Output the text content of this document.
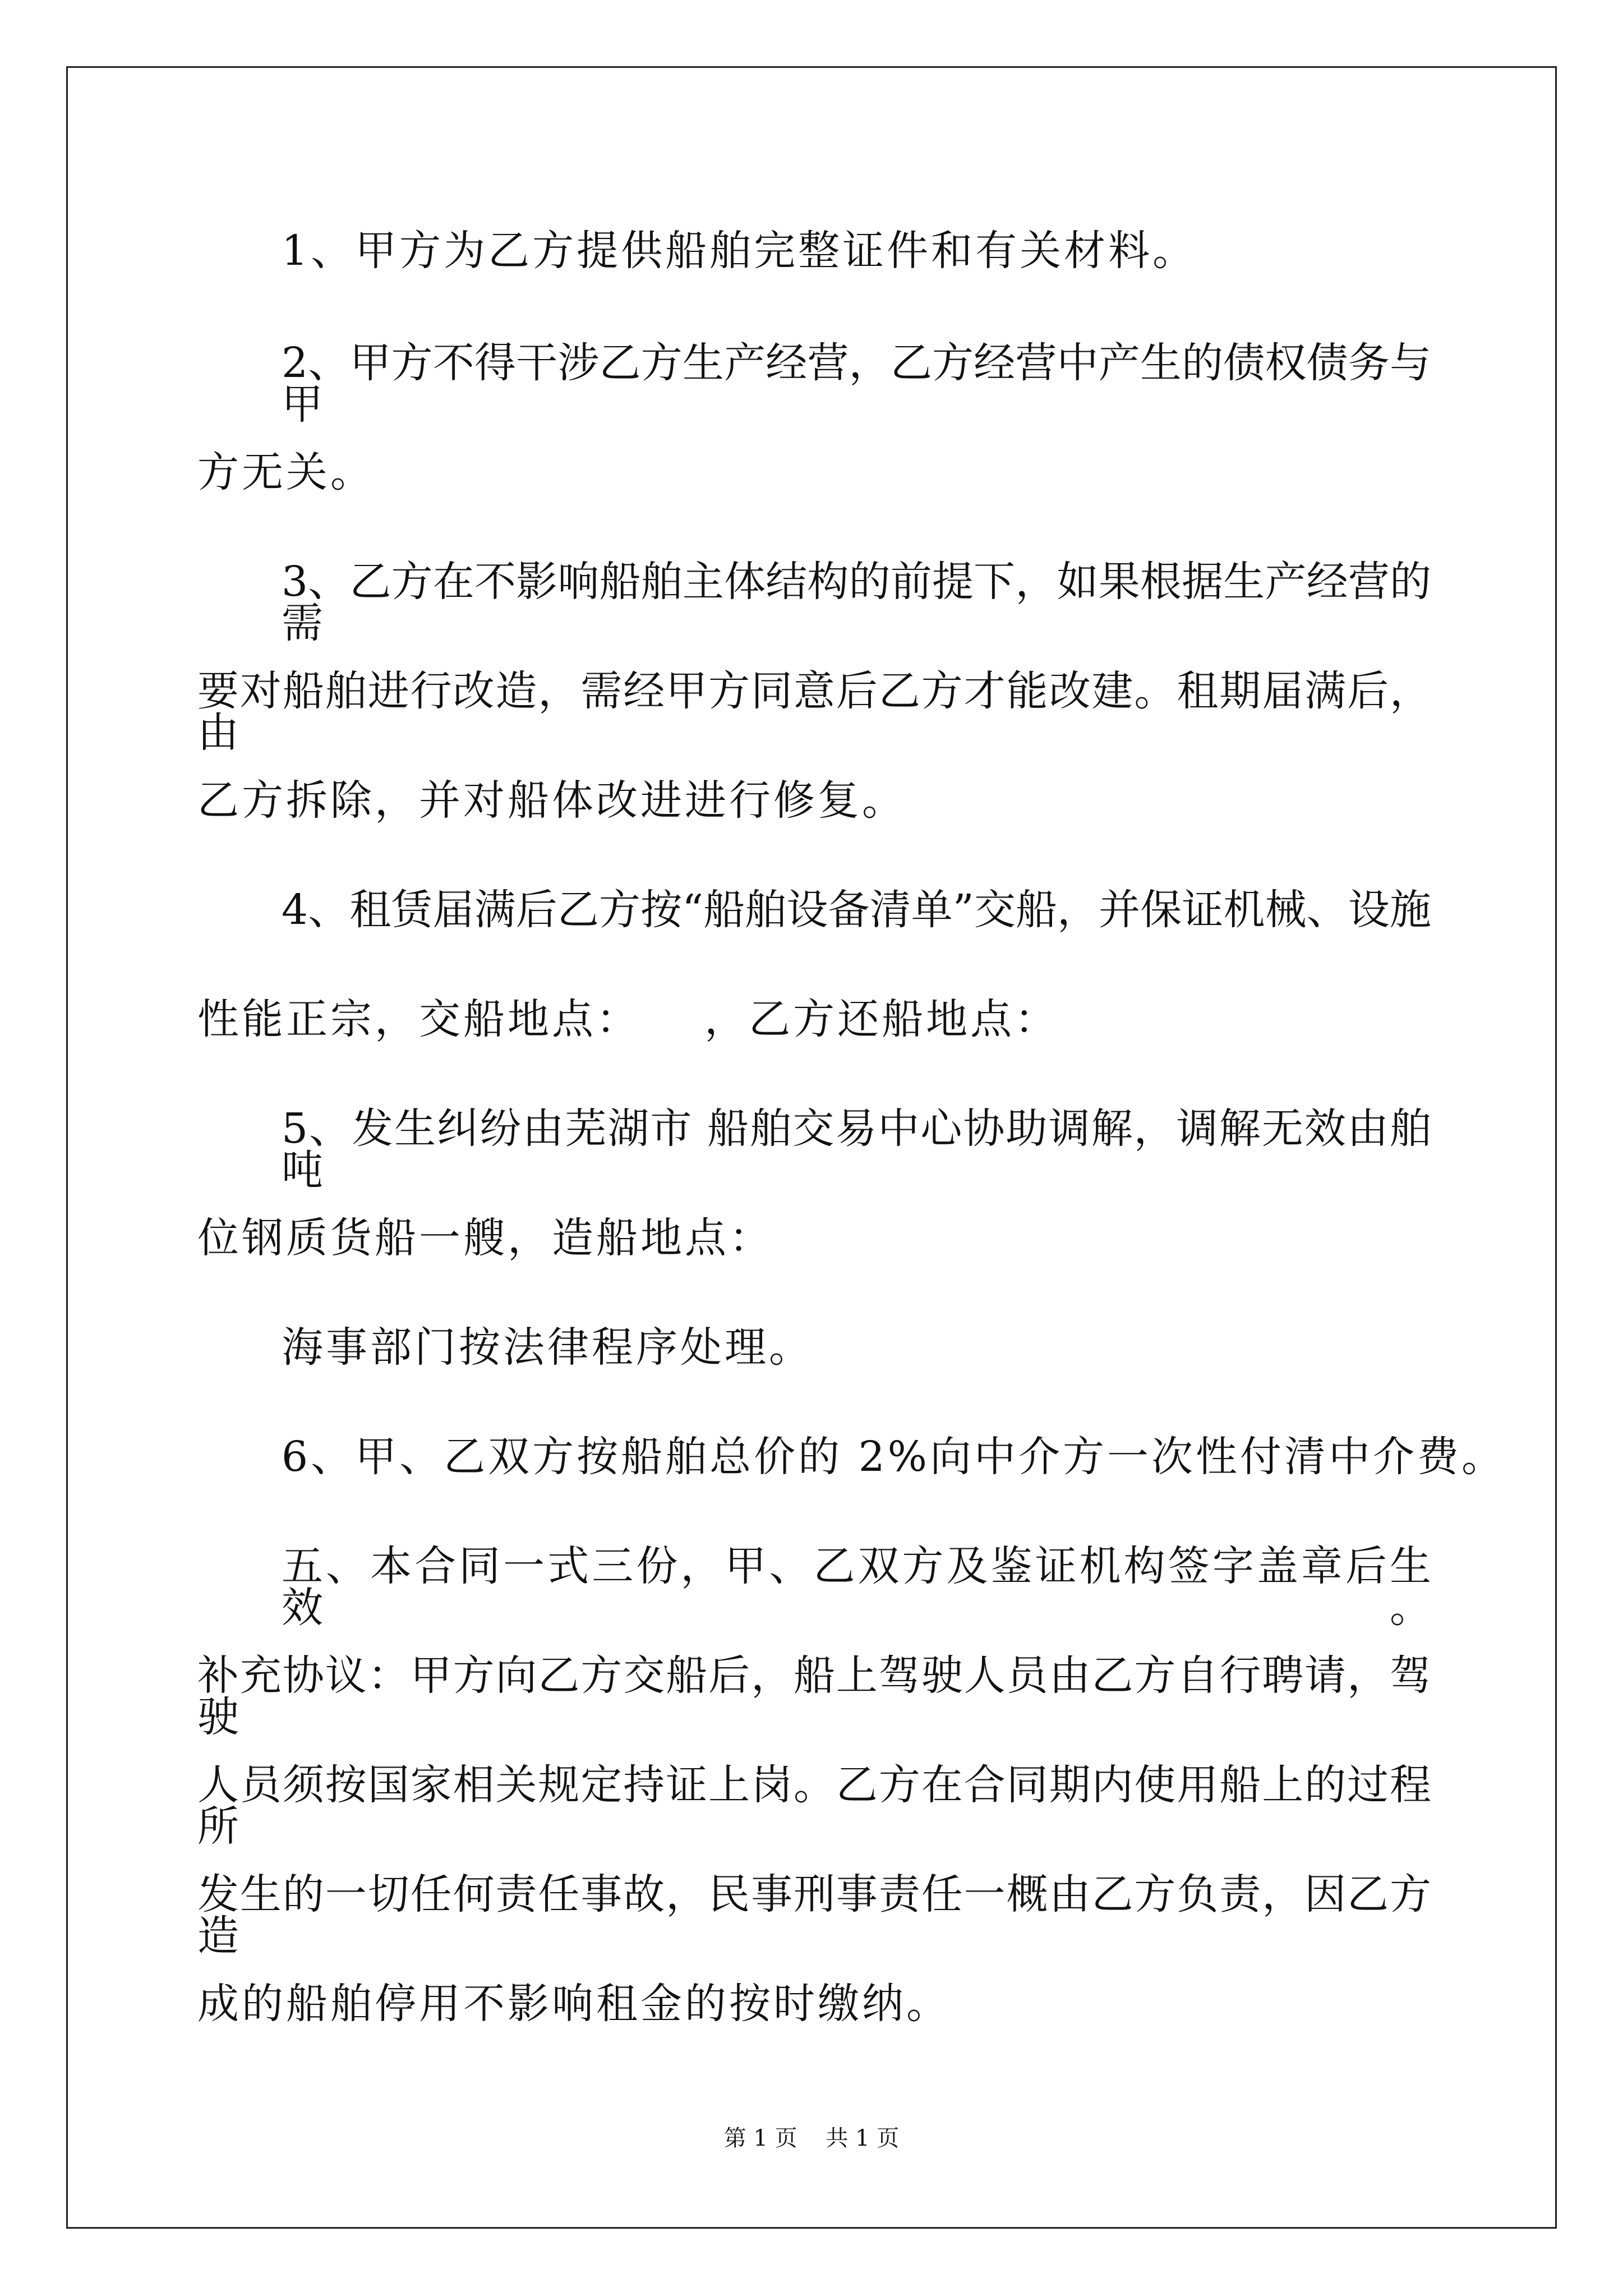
1、甲方为乙方提供船舶完整证件和有关材料。
2、甲方不得干涉乙方生产经营，乙方经营中产生的债权债务与甲
方无关。
3、乙方在不影响船舶主体结构的前提下，如果根据生产经营的需
要对船舶进行改造，需经甲方同意后乙方才能改建。租期届满后，由
乙方拆除，并对船体改进进行修复。
4、租赁届满后乙方按“船舶设备清单”交船，并保证机械、设施
性能正宗，交船地点：    ，乙方还船地点：
5、发生纠纷由芜湖市 船舶交易中心协助调解，调解无效由舶吨
位钢质货船一艘，造船地点：
海事部门按法律程序处理。
6、甲、乙双方按船舶总价的 2%向中介方一次性付清中介费。
五、本合同一式三份，甲、乙双方及鉴证机构签字盖章后生效。
补充协议：甲方向乙方交船后，船上驾驶人员由乙方自行聘请，驾驶
人员须按国家相关规定持证上岗。乙方在合同期内使用船上的过程所
发生的一切任何责任事故，民事刑事责任一概由乙方负责，因乙方造
成的船舶停用不影响租金的按时缴纳。
第 1 页    共 1 页
